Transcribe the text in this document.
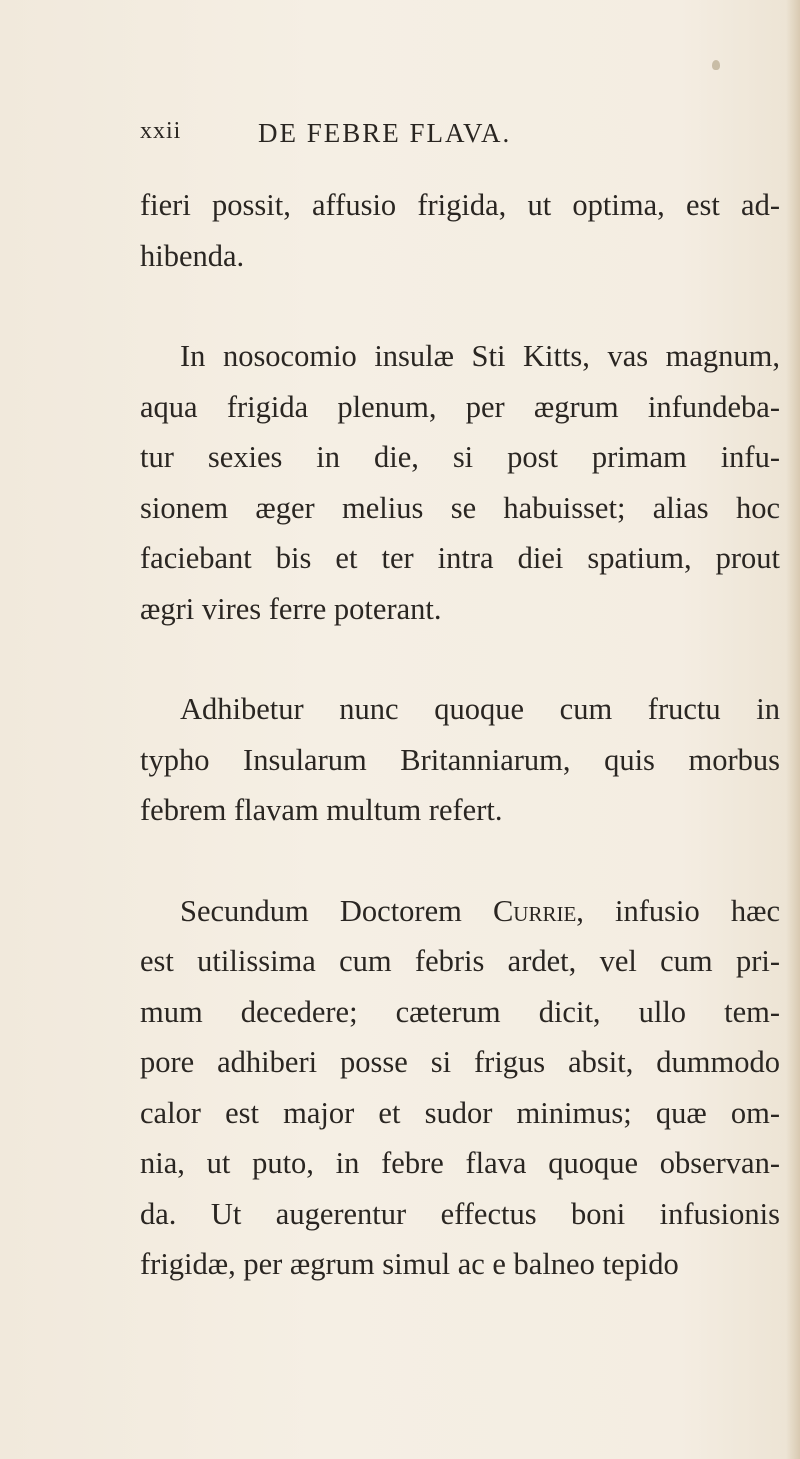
xxii	DE FEBRE FLAVA.

fieri possit, affusio frigida, ut optima, est ad-
hibenda.

In nosocomio insulæ Sti Kitts, vas magnum,
aqua frigida plenum, per ægrum infundeba-
tur sexies in die, si post primam infu-
sionem æger melius se habuisset; alias hoc
faciebant bis et ter intra diei spatium, prout
ægri vires ferre poterant.

Adhibetur nunc quoque cum fructu in
typho Insularum Britanniarum, quis morbus
febrem flavam multum refert.

Secundum Doctorem Currie, infusio hæc
est utilissima cum febris ardet, vel cum pri-
mum decedere; cæterum dicit, ullo tem-
pore adhiberi posse si frigus absit, dummodo
calor est major et sudor minimus; quæ om-
nia, ut puto, in febre flava quoque observan-
da. Ut augerentur effectus boni infusionis
frigidæ, per ægrum simul ac e balneo tepido
